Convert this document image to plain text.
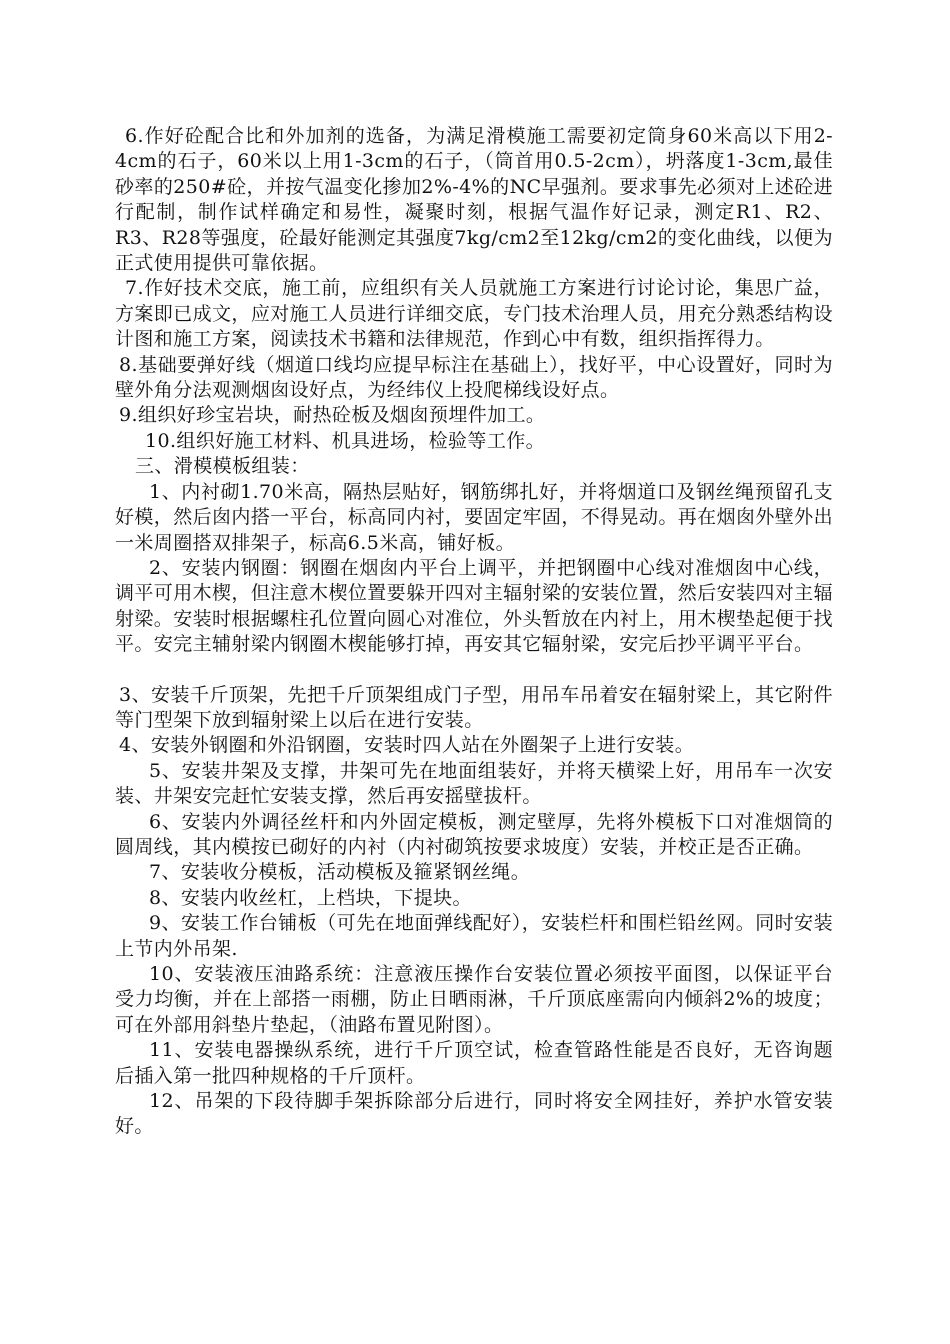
6.作好砼配合比和外加剂的选备，为满足滑模施工需要初定筒身60米高以下用2-4cm的石子，60米以上用1-3cm的石子，（筒首用0.5-2cm），坍落度1-3cm,最佳砂率的250#砼，并按气温变化掺加2%-4%的NC早强剂。要求事先必须对上述砼进行配制，制作试样确定和易性，凝聚时刻，根据气温作好记录，测定R1、R2、R3、R28等强度，砼最好能测定其强度7kg/cm2至12kg/cm2的变化曲线，以便为正式使用提供可靠依据。

7.作好技术交底，施工前，应组织有关人员就施工方案进行讨论讨论，集思广益，方案即已成文，应对施工人员进行详细交底，专门技术治理人员，用充分熟悉结构设计图和施工方案，阅读技术书籍和法律规范，作到心中有数，组织指挥得力。

8.基础要弹好线（烟道口线均应提早标注在基础上），找好平，中心设置好，同时为壁外角分法观测烟囱设好点，为经纬仪上投爬梯线设好点。

9.组织好珍宝岩块，耐热砼板及烟囱预埋件加工。

10.组织好施工材料、机具进场，检验等工作。

三、滑模模板组装：

1、内衬砌1.70米高，隔热层贴好，钢筋绑扎好，并将烟道口及钢丝绳预留孔支好模，然后囱内搭一平台，标高同内衬，要固定牢固，不得晃动。再在烟囱外壁外出一米周圈搭双排架子，标高6.5米高，铺好板。

2、安装内钢圈：钢圈在烟囱内平台上调平，并把钢圈中心线对准烟囱中心线，调平可用木楔，但注意木楔位置要躲开四对主辐射梁的安装位置，然后安装四对主辐射梁。安装时根据螺柱孔位置向圆心对准位，外头暂放在内衬上，用木楔垫起便于找平。安完主辅射梁内钢圈木楔能够打掉，再安其它辐射梁，安完后抄平调平平台。

3、安装千斤顶架，先把千斤顶架组成门子型，用吊车吊着安在辐射梁上，其它附件等门型架下放到辐射梁上以后在进行安装。

4、安装外钢圈和外沿钢圈，安装时四人站在外圈架子上进行安装。

5、安装井架及支撑，井架可先在地面组装好，并将天横梁上好，用吊车一次安装、井架安完赶忙安装支撑，然后再安摇壁拔杆。

6、安装内外调径丝杆和内外固定模板，测定壁厚，先将外模板下口对准烟筒的圆周线，其内模按已砌好的内衬（内衬砌筑按要求坡度）安装，并校正是否正确。

7、安装收分模板，活动模板及箍紧钢丝绳。

8、安装内收丝杠，上档块，下提块。

9、安装工作台铺板（可先在地面弹线配好），安装栏杆和围栏铅丝网。同时安装上节内外吊架.

10、安装液压油路系统：注意液压操作台安装位置必须按平面图，以保证平台受力均衡，并在上部搭一雨棚，防止日晒雨淋，千斤顶底座需向内倾斜2%的坡度；可在外部用斜垫片垫起，（油路布置见附图）。

11、安装电器操纵系统，进行千斤顶空试，检查管路性能是否良好，无咨询题后插入第一批四种规格的千斤顶杆。

12、吊架的下段待脚手架拆除部分后进行，同时将安全网挂好，养护水管安装好。
